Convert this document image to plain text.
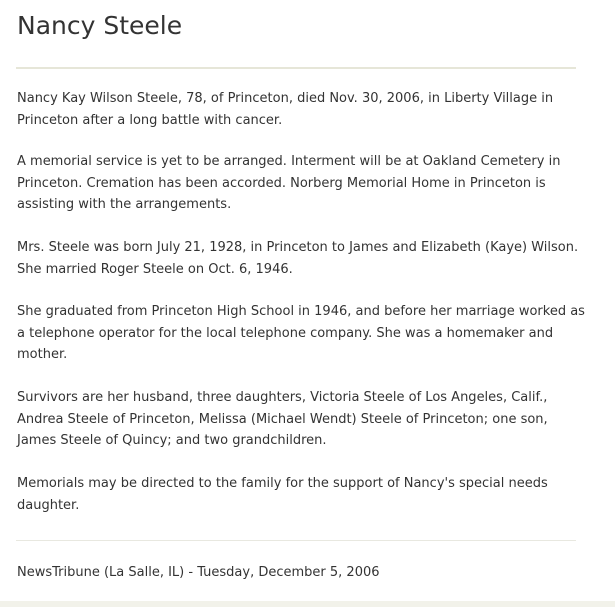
Nancy Steele

Nancy Kay Wilson Steele, 78, of Princeton, died Nov. 30, 2006, in Liberty Village in Princeton after a long battle with cancer.

A memorial service is yet to be arranged. Interment will be at Oakland Cemetery in Princeton. Cremation has been accorded. Norberg Memorial Home in Princeton is assisting with the arrangements.

Mrs. Steele was born July 21, 1928, in Princeton to James and Elizabeth (Kaye) Wilson. She married Roger Steele on Oct. 6, 1946.

She graduated from Princeton High School in 1946, and before her marriage worked as a telephone operator for the local telephone company. She was a homemaker and mother.

Survivors are her husband, three daughters, Victoria Steele of Los Angeles, Calif., Andrea Steele of Princeton, Melissa (Michael Wendt) Steele of Princeton; one son, James Steele of Quincy; and two grandchildren.

Memorials may be directed to the family for the support of Nancy's special needs daughter.

NewsTribune (La Salle, IL) - Tuesday, December 5, 2006
